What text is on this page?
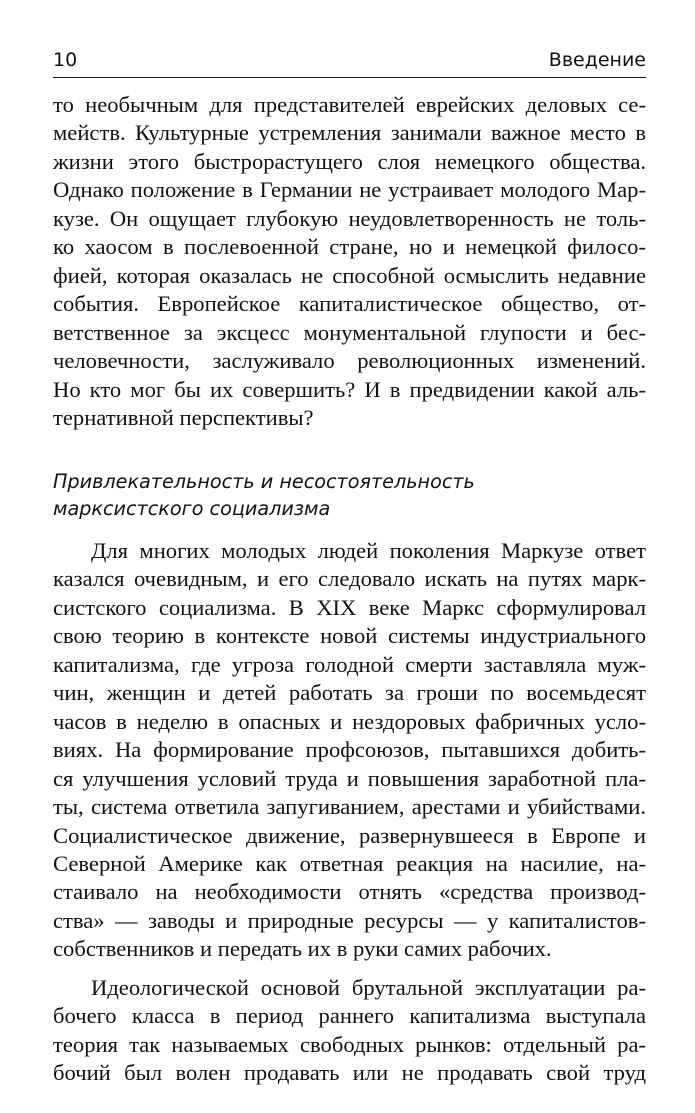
10	Введение
то необычным для представителей еврейских деловых се-
мейств. Культурные устремления занимали важное место в
жизни этого быстрорастущего слоя немецкого общества.
Однако положение в Германии не устраивает молодого Мар-
кузе. Он ощущает глубокую неудовлетворенность не толь-
ко хаосом в послевоенной стране, но и немецкой филосо-
фией, которая оказалась не способной осмыслить недавние
события. Европейское капиталистическое общество, от-
ветственное за эксцесс монументальной глупости и бес-
человечности, заслуживало революционных изменений.
Но кто мог бы их совершить? И в предвидении какой аль-
тернативной перспективы?
Привлекательность и несостоятельность
марксистского социализма

Для многих молодых людей поколения Маркузе ответ
казался очевидным, и его следовало искать на путях марк-
систского социализма. В XIX веке Маркс сформулировал
свою теорию в контексте новой системы индустриального
капитализма, где угроза голодной смерти заставляла муж-
чин, женщин и детей работать за гроши по восемьдесят
часов в неделю в опасных и нездоровых фабричных усло-
виях. На формирование профсоюзов, пытавшихся добить-
ся улучшения условий труда и повышения заработной пла-
ты, система ответила запугиванием, арестами и убийствами.
Социалистическое движение, развернувшееся в Европе и
Северной Америке как ответная реакция на насилие, на-
стаивало на необходимости отнять «средства производ-
ства» — заводы и природные ресурсы — у капиталистов-
собственников и передать их в руки самих рабочих.

Идеологической основой брутальной эксплуатации ра-
бочего класса в период раннего капитализма выступала
теория так называемых свободных рынков: отдельный ра-
бочий был волен продавать или не продавать свой труд
